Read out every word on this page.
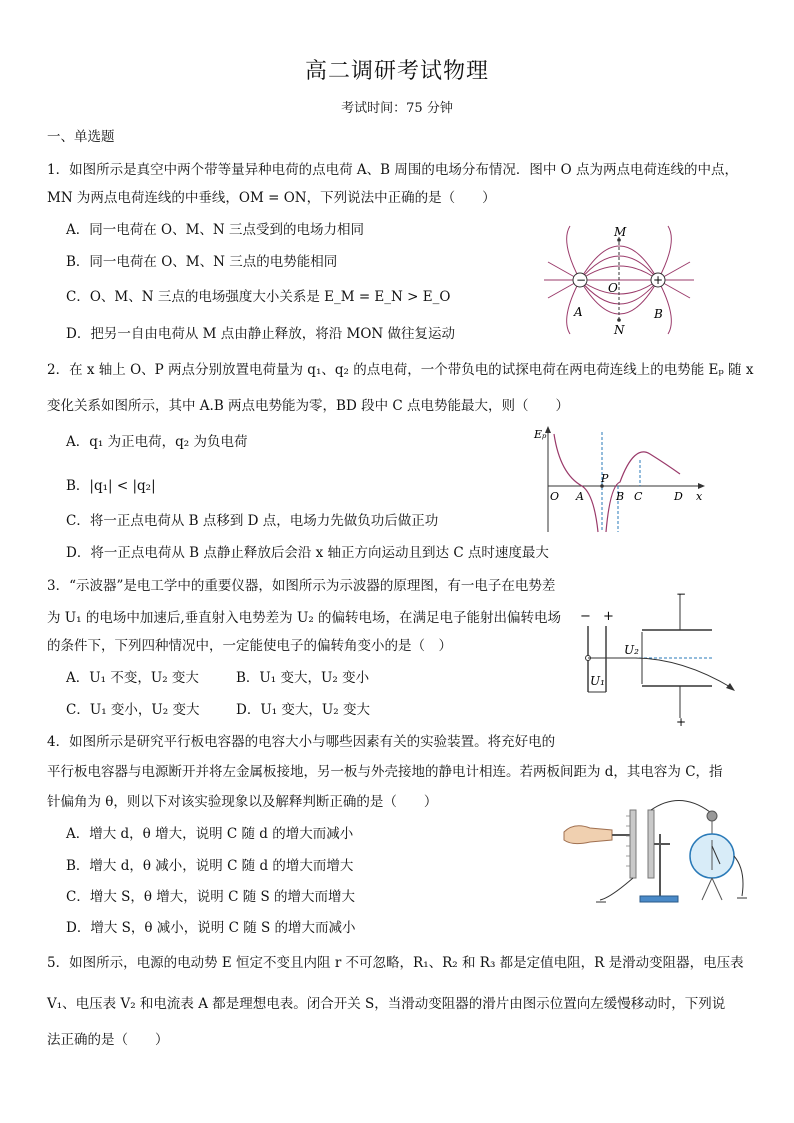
高二调研考试物理
考试时间：75 分钟
一、单选题
1．如图所示是真空中两个带等量异种电荷的点电荷 A、B 周围的电场分布情况．图中 O 点为两点电荷连线的中点，
MN 为两点电荷连线的中垂线，OM = ON，下列说法中正确的是（　　）
A．同一电荷在 O、M、N 三点受到的电场力相同
B．同一电荷在 O、M、N 三点的电势能相同
C．O、M、N 三点的电场强度大小关系是 E_M = E_N > E_O
D．把另一自由电荷从 M 点由静止释放，将沿 MON 做往复运动
−	+
M
N
O
A	B
2．在 x 轴上 O、P 两点分别放置电荷量为 q₁、q₂ 的点电荷，一个带负电的试探电荷在两电荷连线上的电势能 Eₚ 随 x
变化关系如图所示，其中 A.B 两点电势能为零，BD 段中 C 点电势能最大，则（　　）
A．q₁ 为正电荷，q₂ 为负电荷
B．|q₁| < |q₂|
C．将一正点电荷从 B 点移到 D 点，电场力先做负功后做正功
D．将一正点电荷从 B 点静止释放后会沿 x 轴正方向运动且到达 C 点时速度最大
Eₚ
x
O A
P
B C	D
3．“示波器”是电工学中的重要仪器，如图所示为示波器的原理图，有一电子在电势差
为 U₁ 的电场中加速后,垂直射入电势差为 U₂ 的偏转电场，在满足电子能射出偏转电场
的条件下，下列四种情况中，一定能使电子的偏转角变小的是（　）
A．U₁ 不变，U₂ 变大	B．U₁ 变大，U₂ 变小
C．U₁ 变小，U₂ 变大	D．U₁ 变大，U₂ 变大
− +
−
+
U₂
U₁
4．如图所示是研究平行板电容器的电容大小与哪些因素有关的实验装置。将充好电的
平行板电容器与电源断开并将左金属板接地，另一板与外壳接地的静电计相连。若两板间距为 d，其电容为 C，指
针偏角为 θ，则以下对该实验现象以及解释判断正确的是（　　）
A．增大 d，θ 增大，说明 C 随 d 的增大而减小
B．增大 d，θ 减小，说明 C 随 d 的增大而增大
C．增大 S，θ 增大，说明 C 随 S 的增大而增大
D．增大 S，θ 减小，说明 C 随 S 的增大而减小
5．如图所示，电源的电动势 E 恒定不变且内阻 r 不可忽略，R₁、R₂ 和 R₃ 都是定值电阻，R 是滑动变阻器，电压表
V₁、电压表 V₂ 和电流表 A 都是理想电表。闭合开关 S，当滑动变阻器的滑片由图示位置向左缓慢移动时，下列说
法正确的是（　　）
